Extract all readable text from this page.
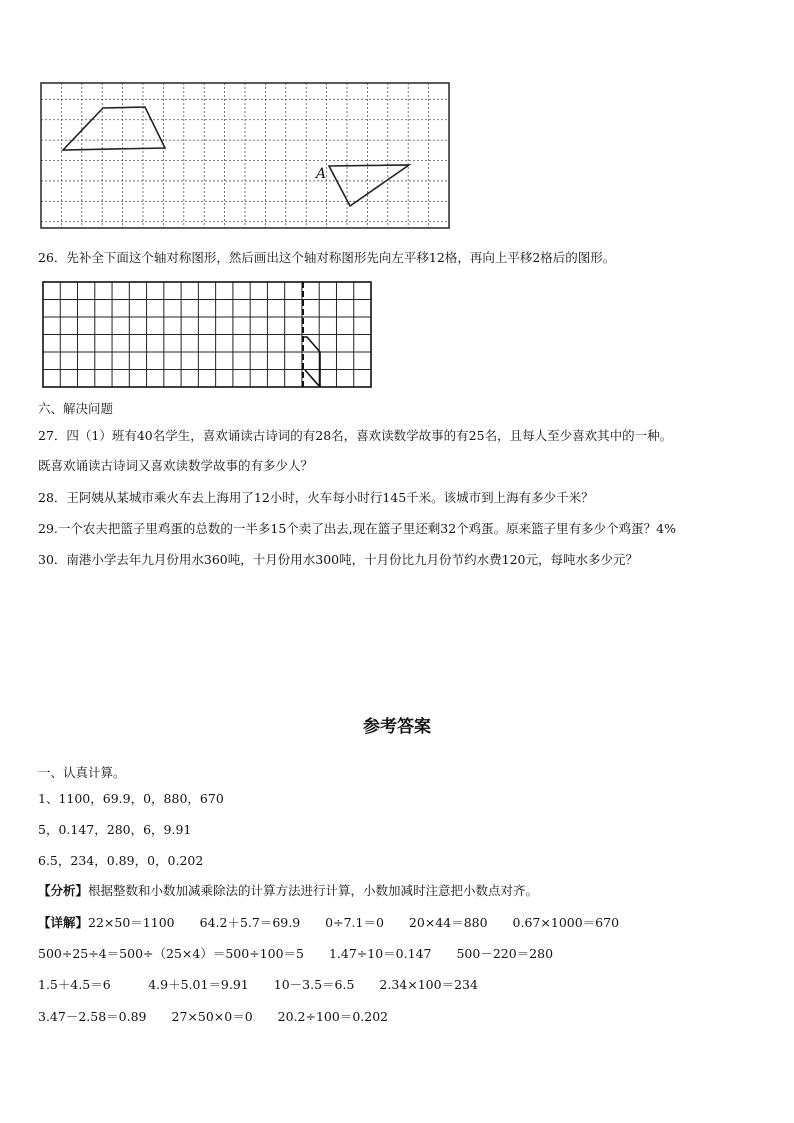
A
26．先补全下面这个轴对称图形，然后画出这个轴对称图形先向左平移12格，再向上平移2格后的图形。
六、解决问题
27．四（1）班有40名学生，喜欢诵读古诗词的有28名，喜欢读数学故事的有25名，且每人至少喜欢其中的一种。
既喜欢诵读古诗词又喜欢读数学故事的有多少人？
28．王阿姨从某城市乘火车去上海用了12小时，火车每小时行145千米。该城市到上海有多少千米？
29.一个农夫把篮子里鸡蛋的总数的一半多15个卖了出去,现在篮子里还剩32个鸡蛋。原来篮子里有多少个鸡蛋？4%
30．南港小学去年九月份用水360吨，十月份用水300吨，十月份比九月份节约水费120元，每吨水多少元？
参考答案
一、认真计算。
1、1100，69.9，0，880，670
5，0.147，280，6，9.91
6.5，234，0.89，0，0.202
【分析】根据整数和小数加减乘除法的计算方法进行计算，小数加减时注意把小数点对齐。
【详解】22×50＝1100　　64.2＋5.7＝69.9　　0÷7.1＝0　　20×44＝880　　0.67×1000＝670
500÷25÷4＝500÷（25×4）＝500÷100＝5　　1.47÷10＝0.147　　500－220＝280
1.5＋4.5＝6　　　4.9＋5.01＝9.91　　10－3.5＝6.5　　2.34×100＝234
3.47－2.58＝0.89　　27×50×0＝0　　20.2÷100＝0.202
